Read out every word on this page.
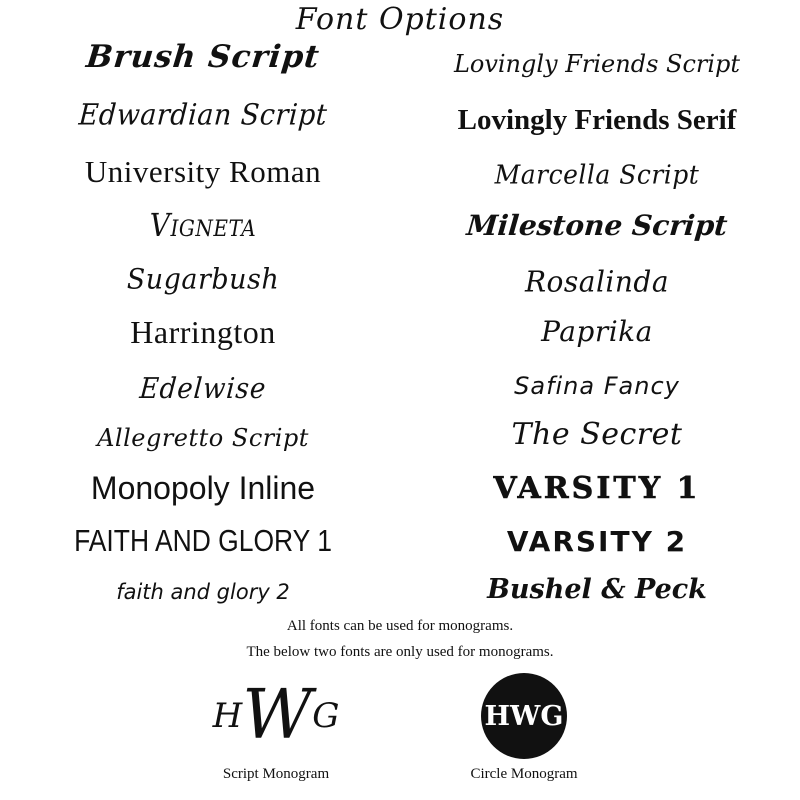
Font Options
Brush Script
Edwardian Script
University Roman
Vigneta
Sugarbush
Harrington
Edelwise
Allegretto Script
Monopoly Inline
FAITH AND GLORY 1
faith and glory 2
Lovingly Friends Script
Lovingly Friends Serif
Marcella Script
Milestone Script
Rosalinda
Paprika
Safina Fancy
The Secret
VARSITY 1
VARSITY 2
Bushel & Peck
All fonts can be used for monograms.
The below two fonts are only used for monograms.
HWG
Script Monogram
HWG
Circle Monogram
